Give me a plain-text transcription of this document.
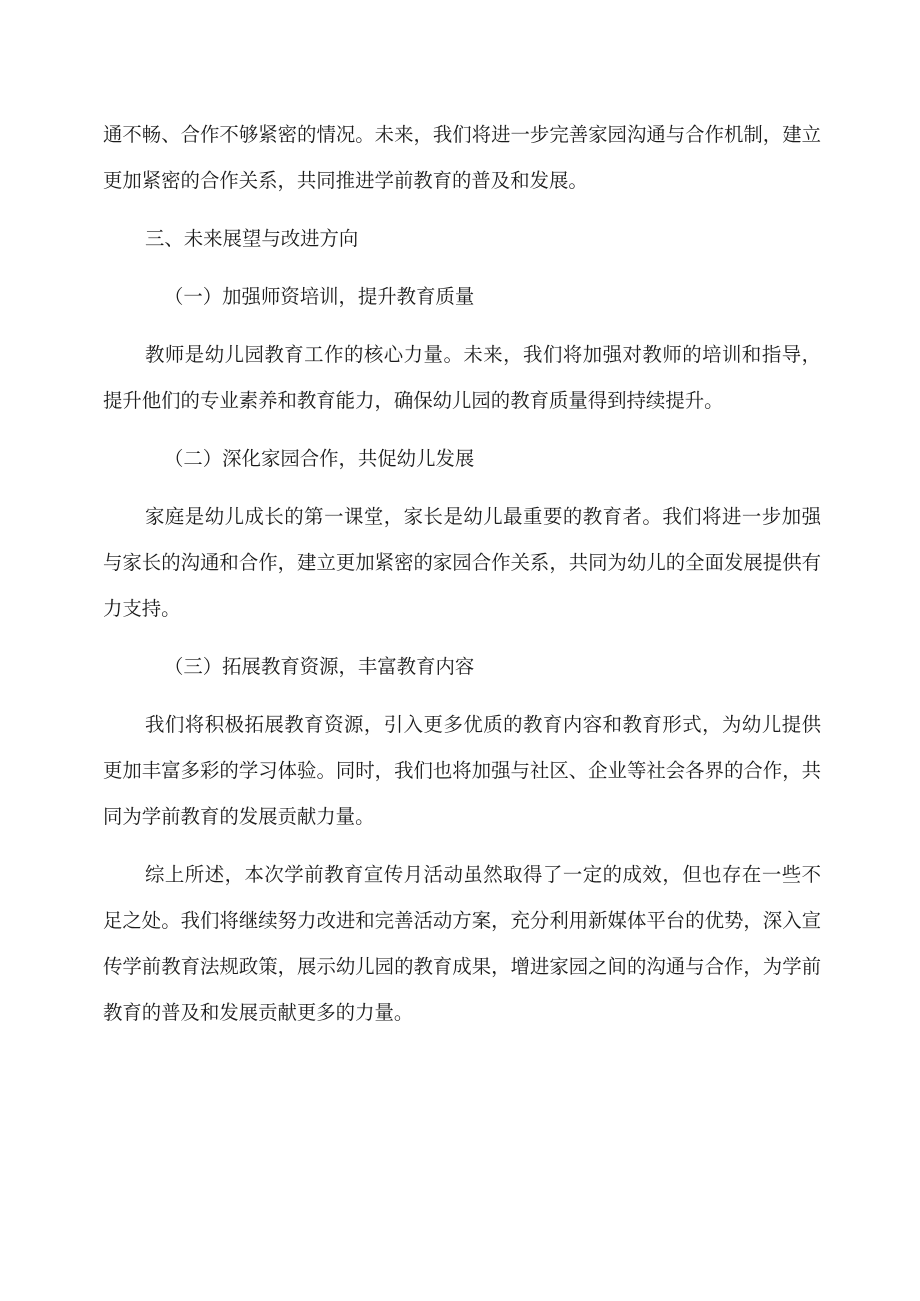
通不畅、合作不够紧密的情况。未来，我们将进一步完善家园沟通与合作机制，建立更加紧密的合作关系，共同推进学前教育的普及和发展。

三、未来展望与改进方向

（一）加强师资培训，提升教育质量

教师是幼儿园教育工作的核心力量。未来，我们将加强对教师的培训和指导，提升他们的专业素养和教育能力，确保幼儿园的教育质量得到持续提升。

（二）深化家园合作，共促幼儿发展

家庭是幼儿成长的第一课堂，家长是幼儿最重要的教育者。我们将进一步加强与家长的沟通和合作，建立更加紧密的家园合作关系，共同为幼儿的全面发展提供有力支持。

（三）拓展教育资源，丰富教育内容

我们将积极拓展教育资源，引入更多优质的教育内容和教育形式，为幼儿提供更加丰富多彩的学习体验。同时，我们也将加强与社区、企业等社会各界的合作，共同为学前教育的发展贡献力量。

综上所述，本次学前教育宣传月活动虽然取得了一定的成效，但也存在一些不足之处。我们将继续努力改进和完善活动方案，充分利用新媒体平台的优势，深入宣传学前教育法规政策，展示幼儿园的教育成果，增进家园之间的沟通与合作，为学前教育的普及和发展贡献更多的力量。
